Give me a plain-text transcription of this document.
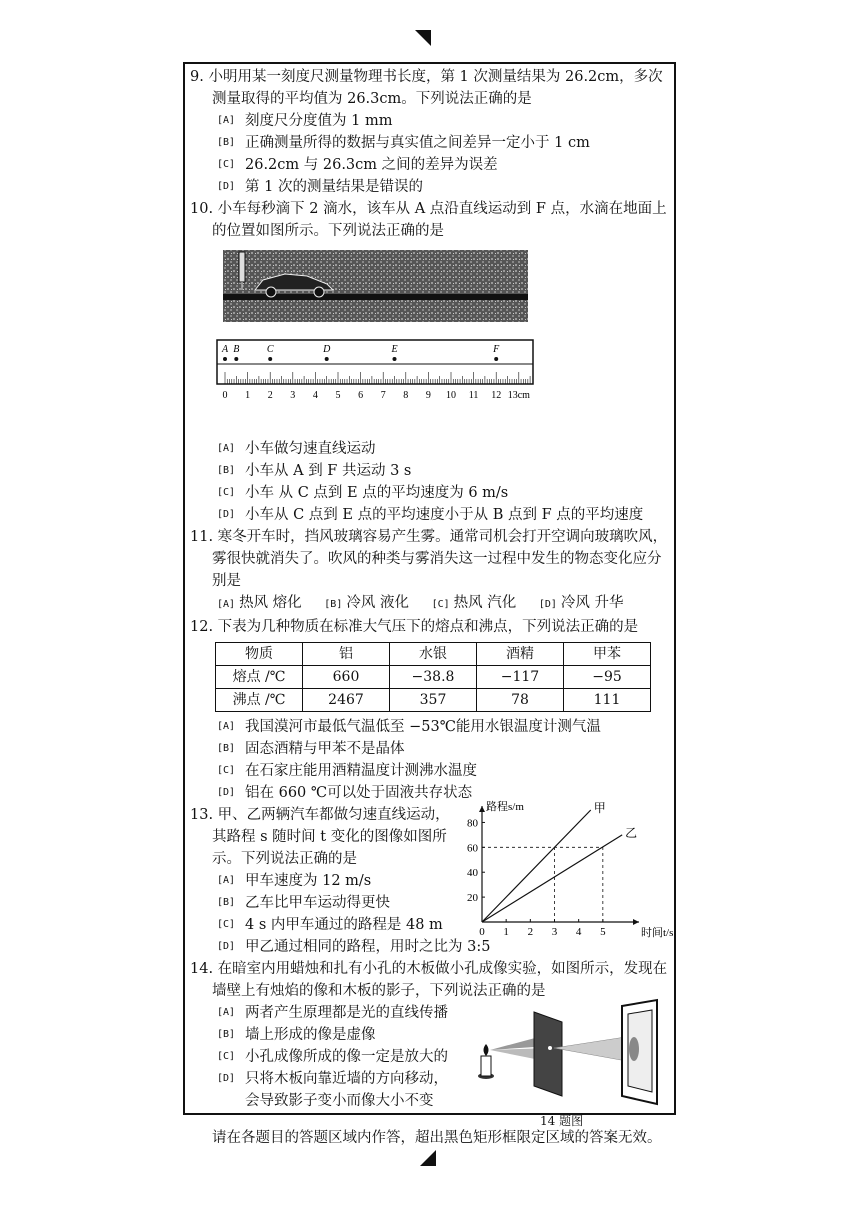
9. 小明用某一刻度尺测量物理书长度，第 1 次测量结果为 26.2cm，多次测量取得的平均值为 26.3cm。下列说法正确的是
[A] 刻度尺分度值为 1 mm
[B] 正确测量所得的数据与真实值之间差异一定小于 1 cm
[C] 26.2cm 与 26.3cm 之间的差异为误差
[D] 第 1 次的测量结果是错误的
10. 小车每秒滴下 2 滴水，该车从 A 点沿直线运动到 F 点，水滴在地面上的位置如图所示。下列说法正确的是
0 1 2 3 4 5 6 7 8 9 10 11 12 13cm
A B	C	D	E	F
[A] 小车做匀速直线运动
[B] 小车从 A 到 F 共运动 3 s
[C] 小车 从 C 点到 E 点的平均速度为 6 m/s
[D] 小车从 C 点到 E 点的平均速度小于从 B 点到 F 点的平均速度
11. 寒冬开车时，挡风玻璃容易产生雾。通常司机会打开空调向玻璃吹风，雾很快就消失了。吹风的种类与雾消失这一过程中发生的物态变化应分别是
[A] 热风 熔化 [B] 冷风 液化 [C] 热风 汽化 [D] 冷风 升华
12. 下表为几种物质在标准大气压下的熔点和沸点，下列说法正确的是
物质	铝	水银	酒精	甲苯
熔点 /℃	660	−38.8	−117	−95
沸点 /℃	2467	357	78	111
[A] 我国漠河市最低气温低至 −53℃能用水银温度计测气温
[B] 固态酒精与甲苯不是晶体
[C] 在石家庄能用酒精温度计测沸水温度
[D] 铝在 660 ℃可以处于固液共存状态
13. 甲、乙两辆汽车都做匀速直线运动，其路程 s 随时间 t 变化的图像如图所示。下列说法正确的是
[A] 甲车速度为 12 m/s
[B] 乙车比甲车运动得更快
[C] 4 s 内甲车通过的路程是 48 m
[D] 甲乙通过相同的路程，用时之比为 3:5
0 1 2 3 4 5
20
40
60
80
时间t/s
路程s/m	甲
乙
14. 在暗室内用蜡烛和扎有小孔的木板做小孔成像实验，如图所示，发现在墙壁上有烛焰的像和木板的影子，下列说法正确的是
[A] 两者产生原理都是光的直线传播
[B] 墙上形成的像是虚像
[C] 小孔成像所成的像一定是放大的
[D] 只将木板向靠近墙的方向移动，会导致影子变小而像大小不变
14 题图
请在各题目的答题区域内作答，超出黑色矩形框限定区域的答案无效。
